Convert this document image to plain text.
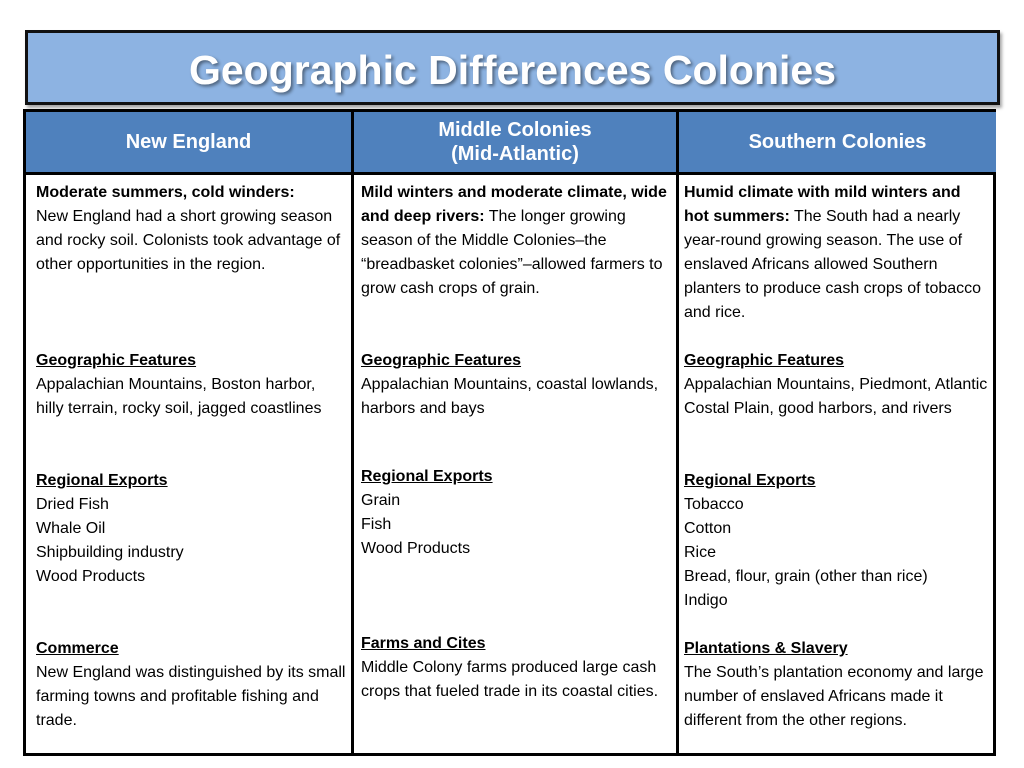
Geographic Differences Colonies
New England
Middle Colonies
(Mid-Atlantic)
Southern Colonies

Moderate summers, cold winders:
New England had a short growing season and rocky soil. Colonists took advantage of other opportunities in the region.

Geographic Features
Appalachian Mountains, Boston harbor, hilly terrain, rocky soil, jagged coastlines
Regional Exports
Dried Fish
Whale Oil
Shipbuilding industry
Wood Products
Commerce
New England was distinguished by its small farming towns and profitable fishing and trade.

Mild winters and moderate climate, wide and deep rivers: The longer growing season of the Middle Colonies–the “breadbasket colonies”–allowed farmers to grow cash crops of grain.

Geographic Features
Appalachian Mountains, coastal lowlands, harbors and bays
Regional Exports
Grain
Fish
Wood Products
Farms and Cites
Middle Colony farms produced large cash crops that fueled trade in its coastal cities.

Humid climate with mild winters and hot summers: The South had a nearly year-round growing season. The use of enslaved Africans allowed Southern planters to produce cash crops of tobacco and rice.

Geographic Features
Appalachian Mountains, Piedmont, Atlantic Costal Plain, good harbors, and rivers
Regional Exports
Tobacco
Cotton
Rice
Bread, flour, grain (other than rice)
Indigo
Plantations & Slavery
The South’s plantation economy and large number of enslaved Africans made it different from the other regions.
